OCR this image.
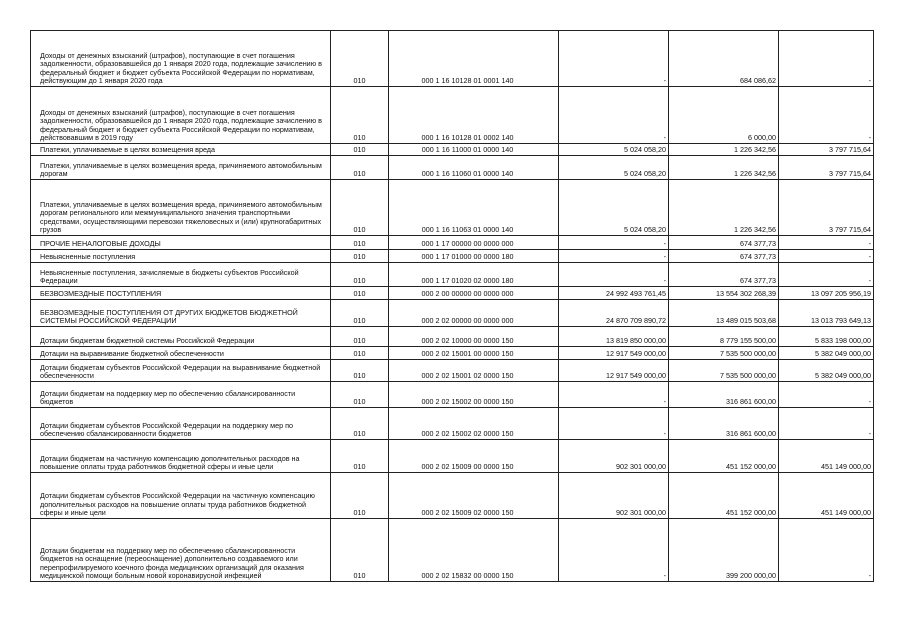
Доходы от денежных взысканий (штрафов), поступающие в счет погашения задолженности, образовавшейся до 1 января 2020 года, подлежащие зачислению в федеральный бюджет и бюджет субъекта Российской Федерации по нормативам, действующим до 1 января 2020 года	010	000 1 16 10128 01 0001 140	-	684 086,62	-
Доходы от денежных взысканий (штрафов), поступающие в счет погашения задолженности, образовавшейся до 1 января 2020 года, подлежащие зачислению в федеральный бюджет и бюджет субъекта Российской Федерации по нормативам, действовавшим в 2019 году	010	000 1 16 10128 01 0002 140	-	6 000,00	-
Платежи, уплачиваемые в целях возмещения вреда	010	000 1 16 11000 01 0000 140	5 024 058,20	1 226 342,56	3 797 715,64
Платежи, уплачиваемые в целях возмещения вреда, причиняемого автомобильным дорогам	010	000 1 16 11060 01 0000 140	5 024 058,20	1 226 342,56	3 797 715,64
Платежи, уплачиваемые в целях возмещения вреда, причиняемого автомобильным дорогам регионального или межмуниципального значения транспортными средствами, осуществляющими перевозки тяжеловесных и (или) крупногабаритных грузов	010	000 1 16 11063 01 0000 140	5 024 058,20	1 226 342,56	3 797 715,64
ПРОЧИЕ НЕНАЛОГОВЫЕ ДОХОДЫ	010	000 1 17 00000 00 0000 000	-	674 377,73	-
Невыясненные поступления	010	000 1 17 01000 00 0000 180	-	674 377,73	-
Невыясненные поступления, зачисляемые в бюджеты субъектов Российской Федерации	010	000 1 17 01020 02 0000 180	-	674 377,73	-
БЕЗВОЗМЕЗДНЫЕ ПОСТУПЛЕНИЯ	010	000 2 00 00000 00 0000 000	24 992 493 761,45	13 554 302 268,39	13 097 205 956,19
БЕЗВОЗМЕЗДНЫЕ ПОСТУПЛЕНИЯ ОТ ДРУГИХ БЮДЖЕТОВ БЮДЖЕТНОЙ СИСТЕМЫ РОССИЙСКОЙ ФЕДЕРАЦИИ	010	000 2 02 00000 00 0000 000	24 870 709 890,72	13 489 015 503,68	13 013 793 649,13
Дотации бюджетам бюджетной системы Российской Федерации	010	000 2 02 10000 00 0000 150	13 819 850 000,00	8 779 155 500,00	5 833 198 000,00
Дотации на выравнивание бюджетной обеспеченности	010	000 2 02 15001 00 0000 150	12 917 549 000,00	7 535 500 000,00	5 382 049 000,00
Дотации бюджетам субъектов Российской Федерации на выравнивание бюджетной обеспеченности	010	000 2 02 15001 02 0000 150	12 917 549 000,00	7 535 500 000,00	5 382 049 000,00
Дотации бюджетам на поддержку мер по обеспечению сбалансированности бюджетов	010	000 2 02 15002 00 0000 150	-	316 861 600,00	-
Дотации бюджетам субъектов Российской Федерации на поддержку мер по обеспечению сбалансированности бюджетов	010	000 2 02 15002 02 0000 150	-	316 861 600,00	-
Дотации бюджетам на частичную компенсацию дополнительных расходов на повышение оплаты труда работников бюджетной сферы и иные цели	010	000 2 02 15009 00 0000 150	902 301 000,00	451 152 000,00	451 149 000,00
Дотации бюджетам субъектов Российской Федерации на частичную компенсацию дополнительных расходов на повышение оплаты труда работников бюджетной сферы и иные цели	010	000 2 02 15009 02 0000 150	902 301 000,00	451 152 000,00	451 149 000,00
Дотации бюджетам на поддержку мер по обеспечению сбалансированности бюджетов на оснащение (переоснащение) дополнительно создаваемого или перепрофилируемого коечного фонда медицинских организаций для оказания медицинской помощи больным новой коронавирусной инфекцией	010	000 2 02 15832 00 0000 150	-	399 200 000,00	-
